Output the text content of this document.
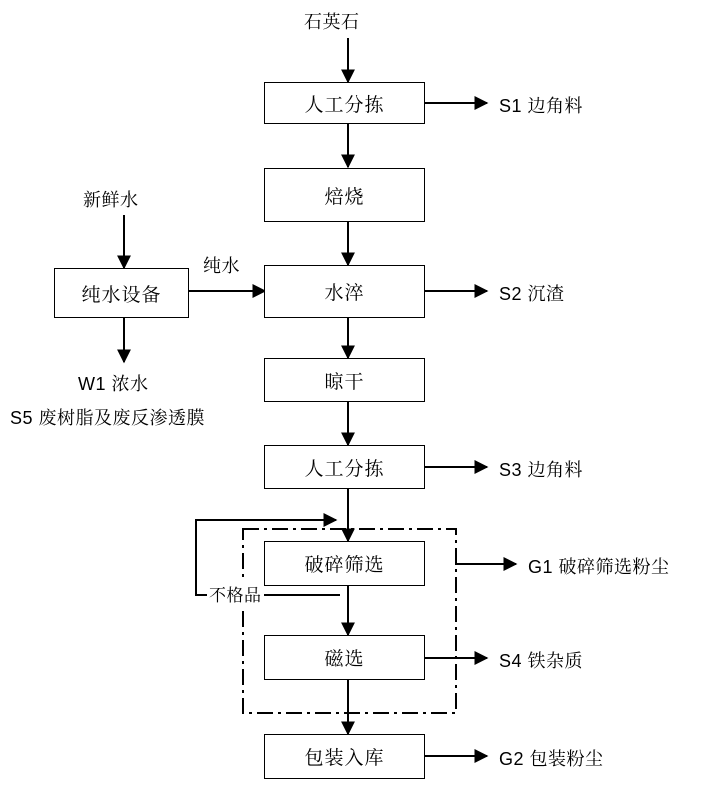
石英石
新鲜水
纯水
不格品
人工分拣
焙烧
水淬
晾干
人工分拣
破碎筛选
磁选
包装入库
纯水设备
S1 边角料
S2 沉渣
S3 边角料
G1 破碎筛选粉尘
S4 铁杂质
G2 包装粉尘
W1 浓水
S5 废树脂及废反渗透膜
